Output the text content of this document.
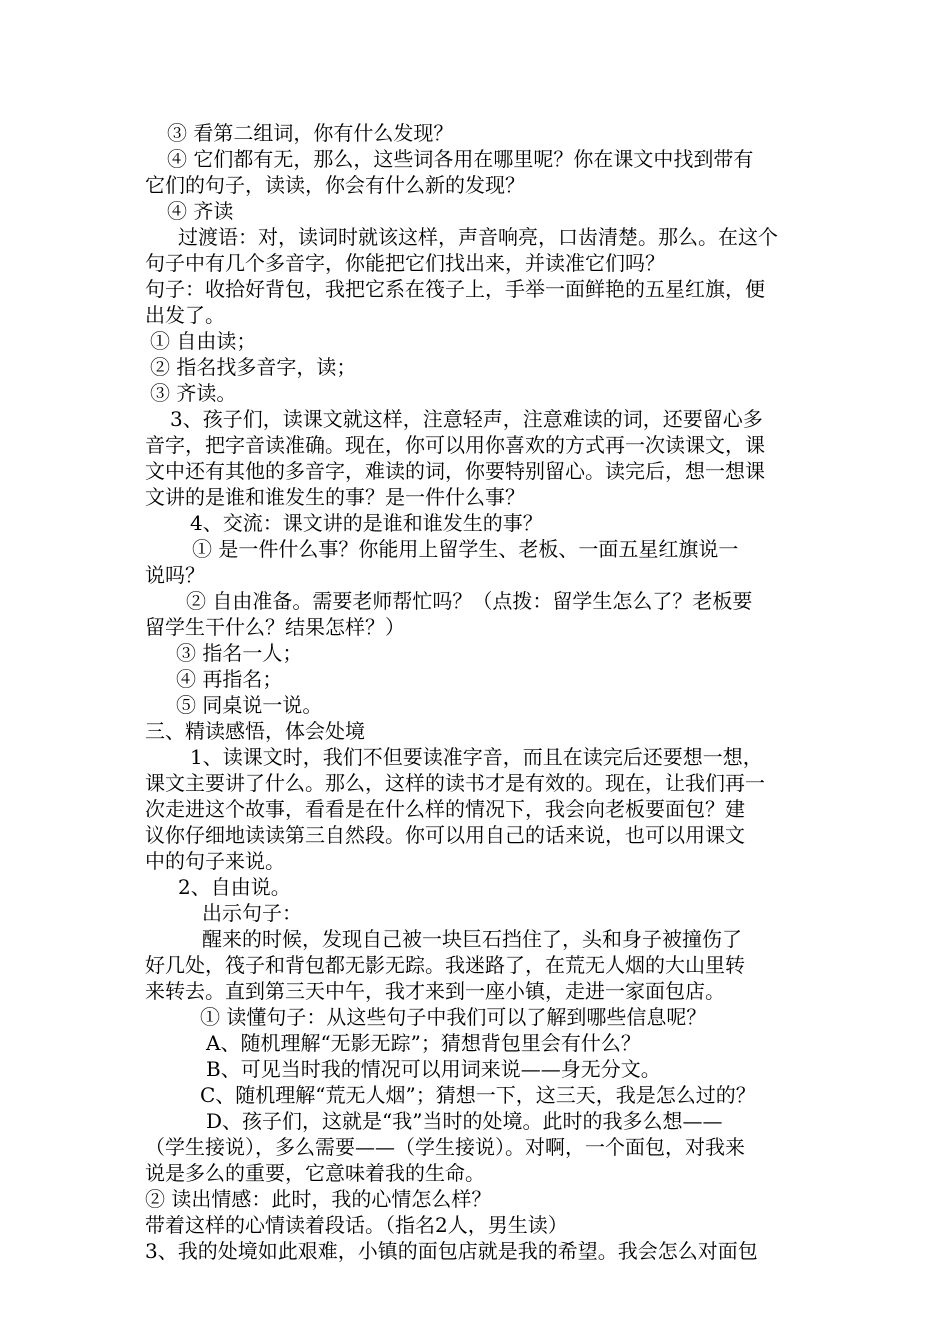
③ 看第二组词，你有什么发现？
④ 它们都有无，那么，这些词各用在哪里呢？你在课文中找到带有
它们的句子，读读，你会有什么新的发现？
④ 齐读
过渡语：对，读词时就该这样，声音响亮，口齿清楚。那么。在这个
句子中有几个多音字，你能把它们找出来，并读准它们吗？
句子：收拾好背包，我把它系在筏子上，手举一面鲜艳的五星红旗，便
出发了。
① 自由读；
② 指名找多音字，读；
③ 齐读。
3、孩子们，读课文就这样，注意轻声，注意难读的词，还要留心多
音字，把字音读准确。现在，你可以用你喜欢的方式再一次读课文，课
文中还有其他的多音字，难读的词，你要特别留心。读完后，想一想课
文讲的是谁和谁发生的事？是一件什么事？
4、交流：课文讲的是谁和谁发生的事？
① 是一件什么事？你能用上留学生、老板、一面五星红旗说一
说吗？
② 自由准备。需要老师帮忙吗？（点拨：留学生怎么了？老板要
留学生干什么？结果怎样？）
③ 指名一人；
④ 再指名；
⑤ 同桌说一说。
三、精读感悟，体会处境
1、读课文时，我们不但要读准字音，而且在读完后还要想一想，
课文主要讲了什么。那么，这样的读书才是有效的。现在，让我们再一
次走进这个故事，看看是在什么样的情况下，我会向老板要面包？建
议你仔细地读读第三自然段。你可以用自己的话来说，也可以用课文
中的句子来说。
2、自由说。
出示句子：
醒来的时候，发现自己被一块巨石挡住了，头和身子被撞伤了
好几处，筏子和背包都无影无踪。我迷路了，在荒无人烟的大山里转
来转去。直到第三天中午，我才来到一座小镇，走进一家面包店。
① 读懂句子：从这些句子中我们可以了解到哪些信息呢？
A、随机理解“无影无踪”；猜想背包里会有什么？
B、可见当时我的情况可以用词来说——身无分文。
C、随机理解“荒无人烟”；猜想一下，这三天，我是怎么过的？
D、孩子们，这就是“我”当时的处境。此时的我多么想——
（学生接说），多么需要——（学生接说）。对啊，一个面包，对我来
说是多么的重要，它意味着我的生命。
② 读出情感：此时，我的心情怎么样？
带着这样的心情读着段话。（指名2人，男生读）
3、我的处境如此艰难，小镇的面包店就是我的希望。我会怎么对面包
